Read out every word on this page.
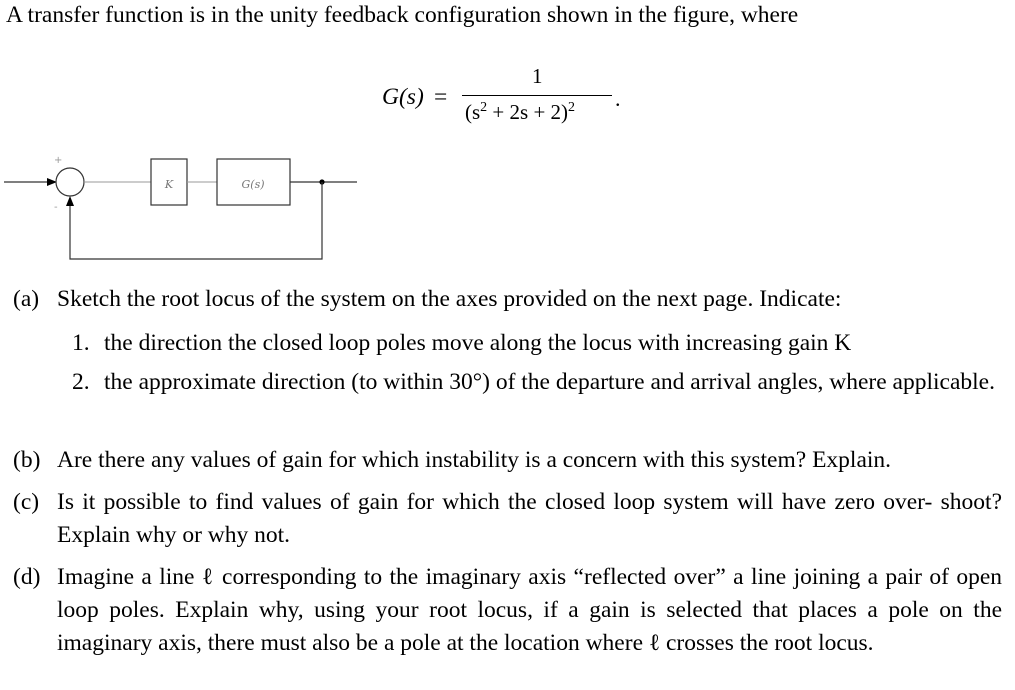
A transfer function is in the unity feedback configuration shown in the figure, where
G(s) =
1
$(s^2 + 2s + 2)^2$ .
+
-
K	G(s)
(a) Sketch the root locus of the system on the axes provided on the next page. Indicate:
1. the direction the closed loop poles move along the locus with increasing gain K
2. the approximate direction (to within 30°) of the departure and arrival angles, where applicable.
(b) Are there any values of gain for which instability is a concern with this system? Explain.
(c) Is it possible to find values of gain for which the closed loop system will have zero over- shoot? Explain why or why not.
(d) Imagine a line ℓ corresponding to the imaginary axis “reflected over” a line joining a pair of open loop poles. Explain why, using your root locus, if a gain is selected that places a pole on the imaginary axis, there must also be a pole at the location where ℓ crosses the root locus.
